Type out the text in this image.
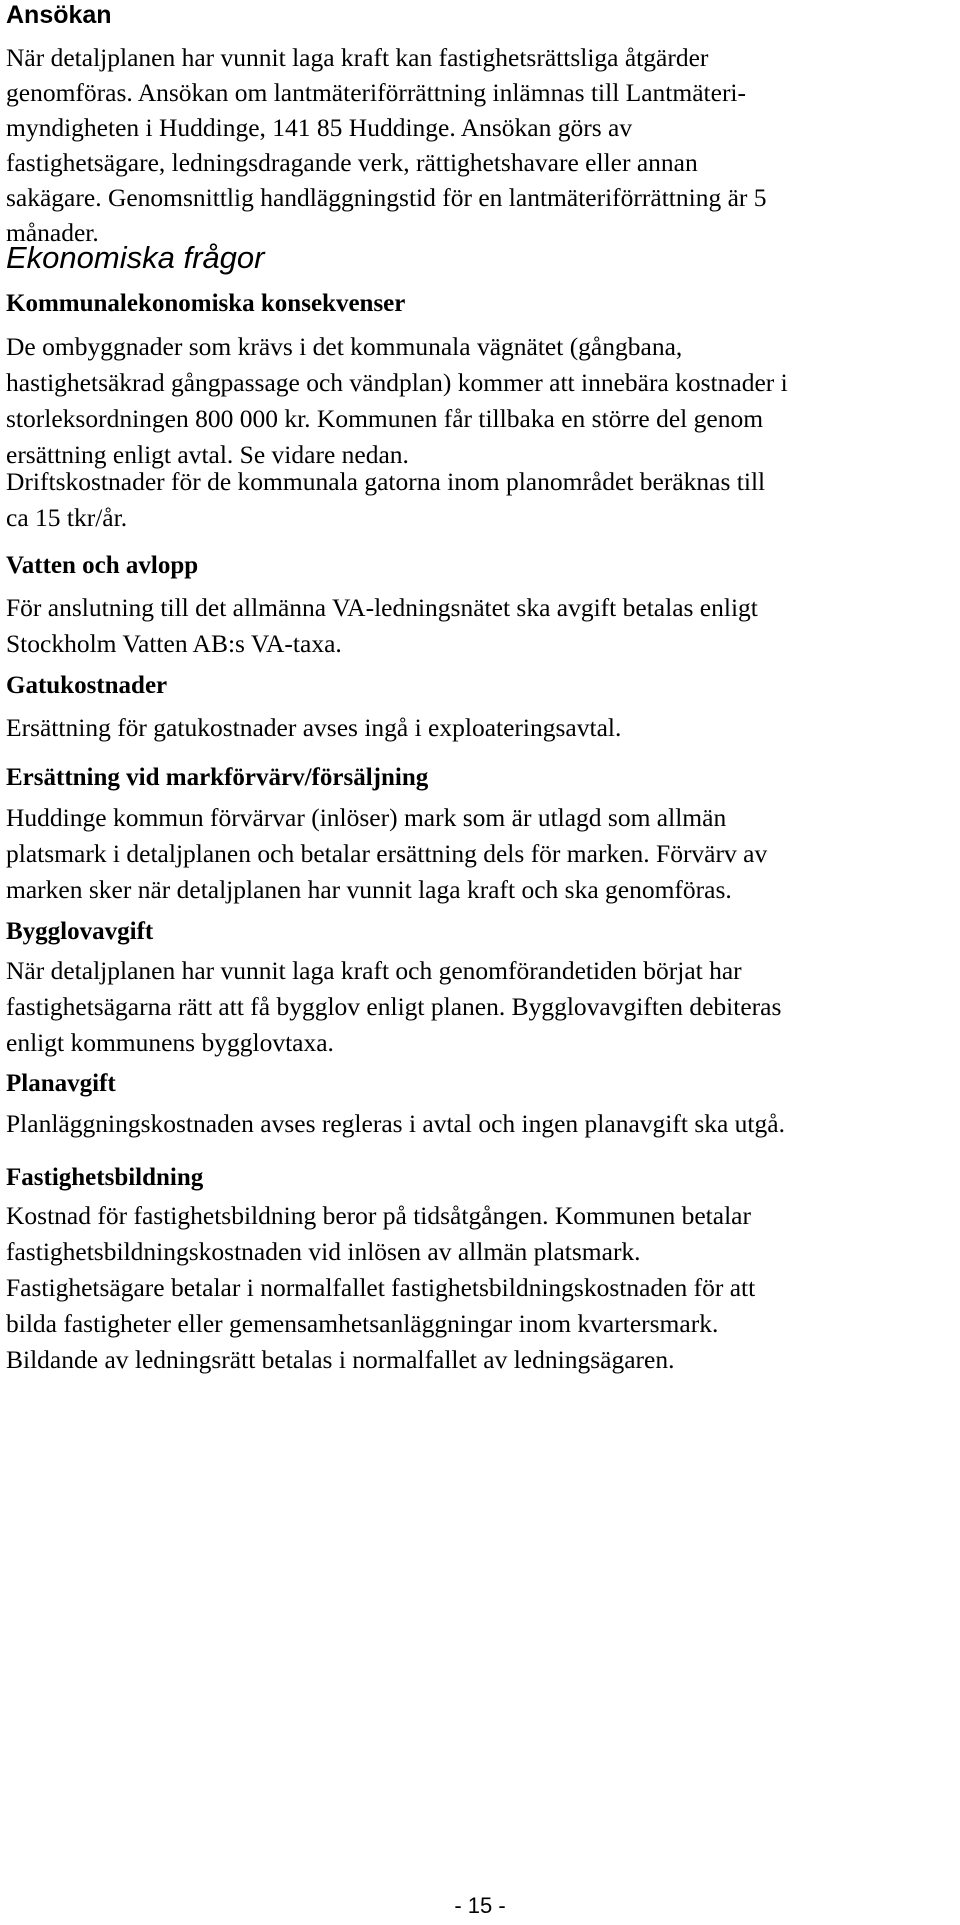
Ansökan

När detaljplanen har vunnit laga kraft kan fastighetsrättsliga åtgärder
genomföras. Ansökan om lantmäteriförrättning inlämnas till Lantmäteri-
myndigheten i Huddinge, 141 85 Huddinge. Ansökan görs av
fastighetsägare, ledningsdragande verk, rättighetshavare eller annan
sakägare. Genomsnittlig handläggningstid för en lantmäteriförrättning är 5
månader.

Ekonomiska frågor
Kommunalekonomiska konsekvenser

De ombyggnader som krävs i det kommunala vägnätet (gångbana,
hastighetsäkrad gångpassage och vändplan) kommer att innebära kostnader i
storleksordningen 800 000 kr. Kommunen får tillbaka en större del genom
ersättning enligt avtal. Se vidare nedan.

Driftskostnader för de kommunala gatorna inom planområdet beräknas till
ca 15 tkr/år.

Vatten och avlopp

För anslutning till det allmänna VA-ledningsnätet ska avgift betalas enligt
Stockholm Vatten AB:s VA-taxa.

Gatukostnader

Ersättning för gatukostnader avses ingå i exploateringsavtal.

Ersättning vid markförvärv/försäljning

Huddinge kommun förvärvar (inlöser) mark som är utlagd som allmän
platsmark i detaljplanen och betalar ersättning dels för marken. Förvärv av
marken sker när detaljplanen har vunnit laga kraft och ska genomföras.

Bygglovavgift

När detaljplanen har vunnit laga kraft och genomförandetiden börjat har
fastighetsägarna rätt att få bygglov enligt planen. Bygglovavgiften debiteras
enligt kommunens bygglovtaxa.

Planavgift

Planläggningskostnaden avses regleras i avtal och ingen planavgift ska utgå.

Fastighetsbildning

Kostnad för fastighetsbildning beror på tidsåtgången. Kommunen betalar
fastighetsbildningskostnaden vid inlösen av allmän platsmark.
Fastighetsägare betalar i normalfallet fastighetsbildningskostnaden för att
bilda fastigheter eller gemensamhetsanläggningar inom kvartersmark.
Bildande av ledningsrätt betalas i normalfallet av ledningsägaren.

- 15 -
